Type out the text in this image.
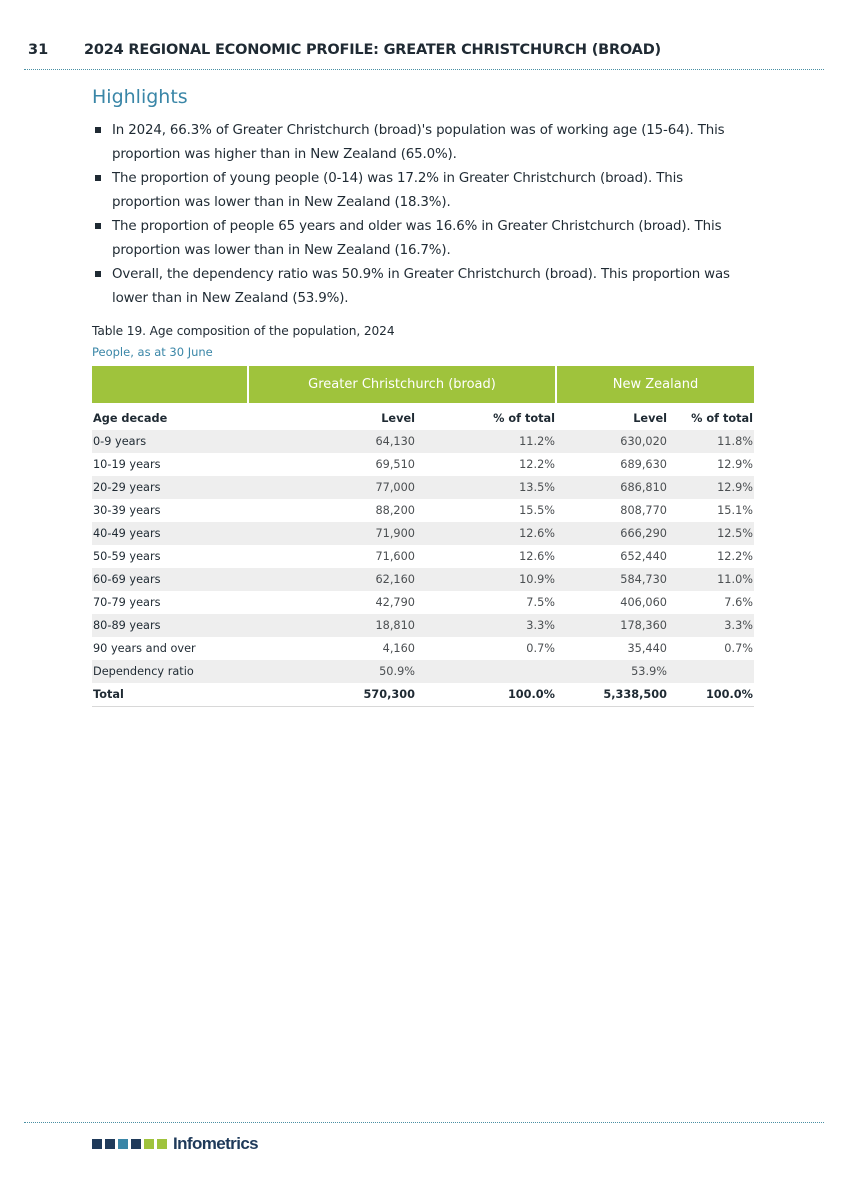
31	2024 REGIONAL ECONOMIC PROFILE: GREATER CHRISTCHURCH (BROAD)
Highlights
In 2024, 66.3% of Greater Christchurch (broad)'s population was of working age (15-64). This proportion was higher than in New Zealand (65.0%).
The proportion of young people (0-14) was 17.2% in Greater Christchurch (broad). This proportion was lower than in New Zealand (18.3%).
The proportion of people 65 years and older was 16.6% in Greater Christchurch (broad). This proportion was lower than in New Zealand (16.7%).
Overall, the dependency ratio was 50.9% in Greater Christchurch (broad). This proportion was lower than in New Zealand (53.9%).
Table 19. Age composition of the population, 2024
People, as at 30 June
	Greater Christchurch (broad)		New Zealand	
Age decade	Level	% of total	Level	% of total
0-9 years	64,130	11.2%	630,020	11.8%
10-19 years	69,510	12.2%	689,630	12.9%
20-29 years	77,000	13.5%	686,810	12.9%
30-39 years	88,200	15.5%	808,770	15.1%
40-49 years	71,900	12.6%	666,290	12.5%
50-59 years	71,600	12.6%	652,440	12.2%
60-69 years	62,160	10.9%	584,730	11.0%
70-79 years	42,790	7.5%	406,060	7.6%
80-89 years	18,810	3.3%	178,360	3.3%
90 years and over	4,160	0.7%	35,440	0.7%
Dependency ratio	50.9%		53.9%	
Total	570,300	100.0%	5,338,500	100.0%
Infometrics
